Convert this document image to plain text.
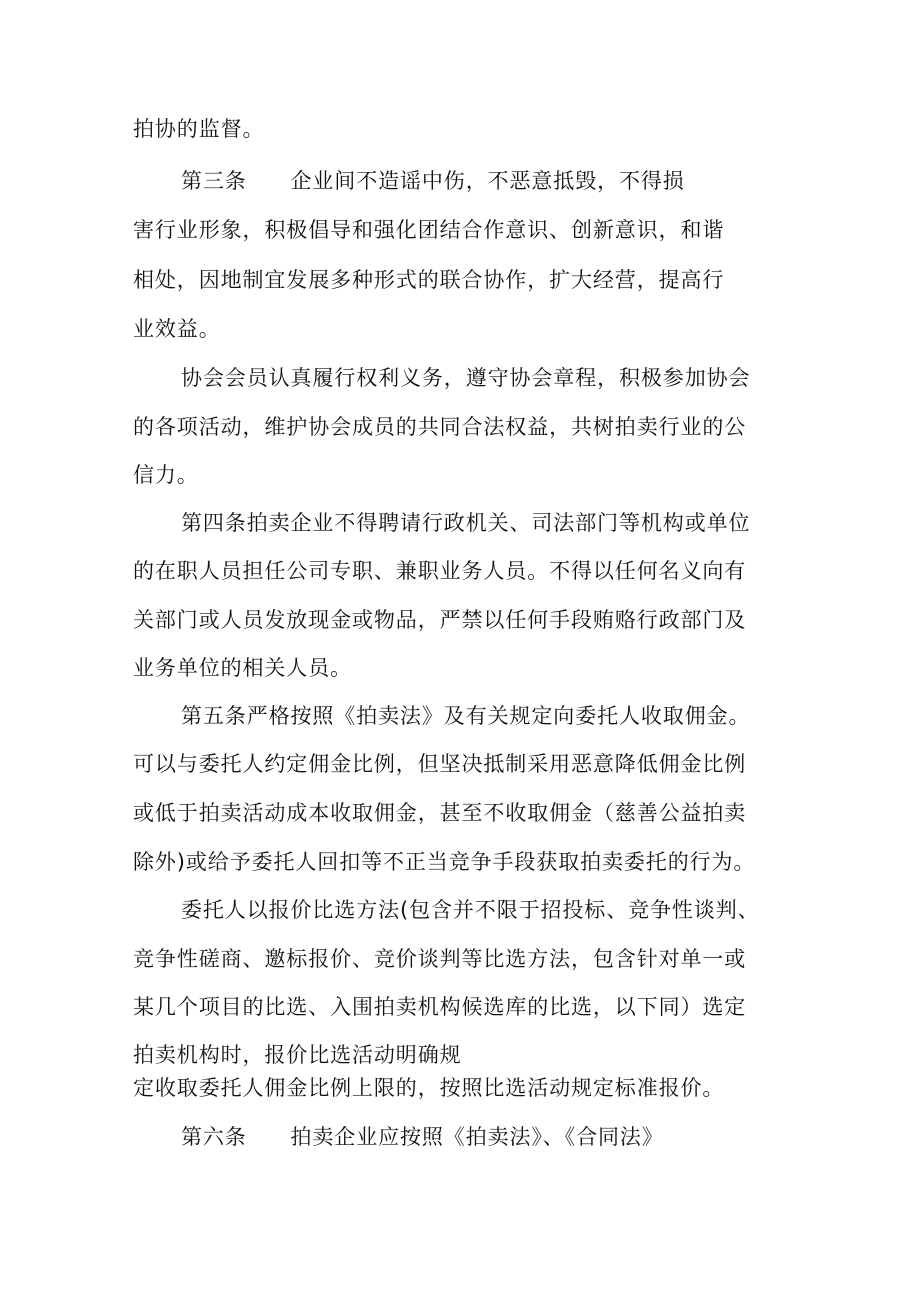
拍协的监督。
第三条　　企业间不造谣中伤，不恶意抵毁，不得损
害行业形象，积极倡导和强化团结合作意识、创新意识，和谐
相处，因地制宜发展多种形式的联合协作，扩大经营，提高行
业效益。
协会会员认真履行权利义务，遵守协会章程，积极参加协会
的各项活动，维护协会成员的共同合法权益，共树拍卖行业的公
信力。
第四条拍卖企业不得聘请行政机关、司法部门等机构或单位
的在职人员担任公司专职、兼职业务人员。不得以任何名义向有
关部门或人员发放现金或物品，严禁以任何手段贿赂行政部门及
业务单位的相关人员。
第五条严格按照《拍卖法》及有关规定向委托人收取佣金。
可以与委托人约定佣金比例，但坚决抵制采用恶意降低佣金比例
或低于拍卖活动成本收取佣金，甚至不收取佣金（慈善公益拍卖
除外)或给予委托人回扣等不正当竞争手段获取拍卖委托的行为。
委托人以报价比选方法(包含并不限于招投标、竞争性谈判、
竞争性磋商、邀标报价、竞价谈判等比选方法，包含针对单一或
某几个项目的比选、入围拍卖机构候选库的比选，以下同）选定
拍卖机构时，报价比选活动明确规
定收取委托人佣金比例上限的，按照比选活动规定标准报价。
第六条　　拍卖企业应按照《拍卖法》、《合同法》
